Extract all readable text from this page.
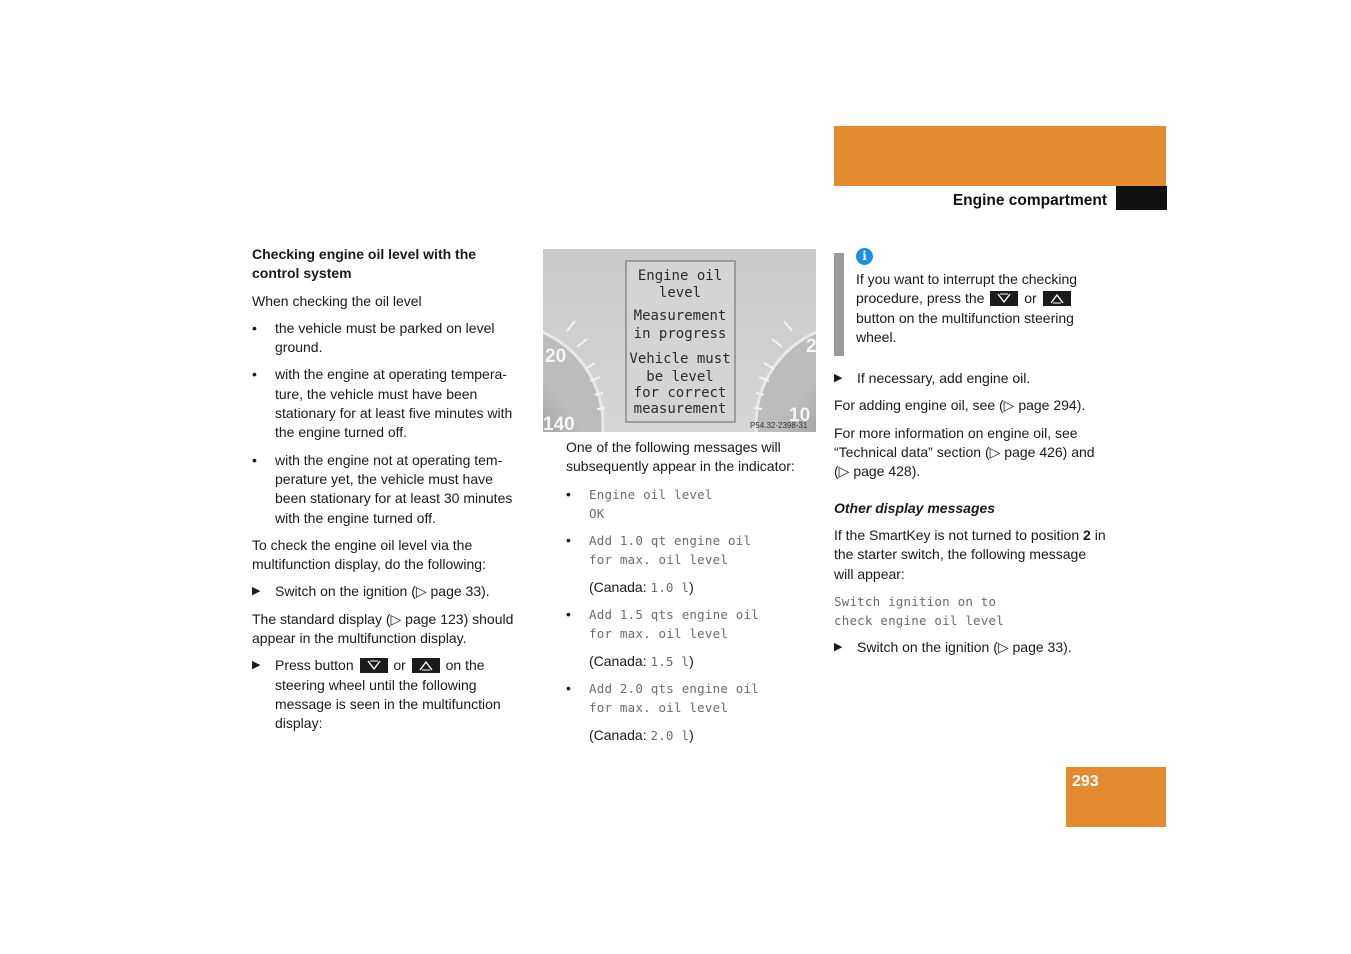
Operation
Engine compartment

Checking engine oil level with the control system

When checking the oil level

•	the vehicle must be parked on level ground.
•	with the engine at operating tempera-ture, the vehicle must have been stationary for at least five minutes with the engine turned off.
•	with the engine not at operating tem-perature yet, the vehicle must have been stationary for at least 30 minutes with the engine turned off.

To check the engine oil level via the multifunction display, do the following:

▶	Switch on the ignition (▷ page 33).

The standard display (▷ page 123) should appear in the multifunction display.

▶	Press button	or	on the steering wheel until the following message is seen in the multifunction display:
20
140
2
10
Engine oil
level
Measurement
in progress
Vehicle must
be level
for correct
measurement
P54.32-2398-31

One of the following messages will subsequently appear in the indicator:

•	Engine oil level
OK
•	Add 1.0 qt engine oil
for max. oil level
(Canada: 1.0 l)
•	Add 1.5 qts engine oil
for max. oil level
(Canada: 1.5 l)
•	Add 2.0 qts engine oil
for max. oil level
(Canada: 2.0 l)
i
If you want to interrupt the checking procedure, press the	or
button on the multifunction steering wheel.
▶	If necessary, add engine oil.

For adding engine oil, see (▷ page 294).

For more information on engine oil, see “Technical data” section (▷ page 426) and (▷ page 428).

Other display messages

If the SmartKey is not turned to position 2 in the starter switch, the following message will appear:

Switch ignition on to
check engine oil level
▶	Switch on the ignition (▷ page 33).
293
